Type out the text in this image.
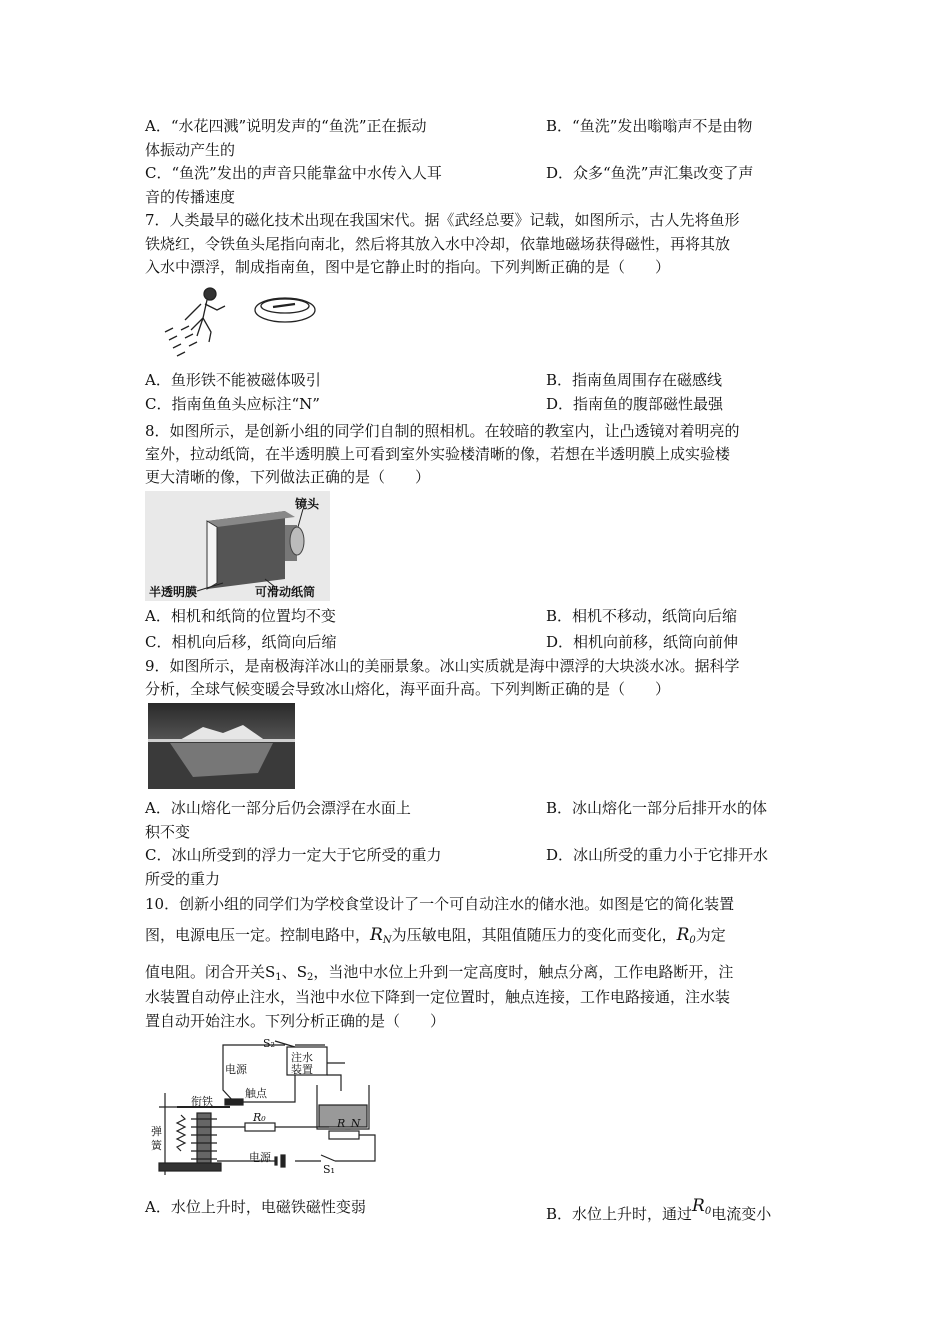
A．“水花四溅”说明发声的“鱼洗”正在振动	B．“鱼洗”发出嗡嗡声不是由物
体振动产生的
C．“鱼洗”发出的声音只能靠盆中水传入人耳	D．众多“鱼洗”声汇集改变了声
音的传播速度
7．人类最早的磁化技术出现在我国宋代。据《武经总要》记载，如图所示，古人先将鱼形
铁烧红，令铁鱼头尾指向南北，然后将其放入水中冷却，依靠地磁场获得磁性，再将其放
入水中漂浮，制成指南鱼，图中是它静止时的指向。下列判断正确的是（　　）
A．鱼形铁不能被磁体吸引	B．指南鱼周围存在磁感线
C．指南鱼鱼头应标注“N”	D．指南鱼的腹部磁性最强
8．如图所示，是创新小组的同学们自制的照相机。在较暗的教室内，让凸透镜对着明亮的
室外，拉动纸筒，在半透明膜上可看到室外实验楼清晰的像，若想在半透明膜上成实验楼
更大清晰的像，下列做法正确的是（　　）
镜头
半透明膜	可滑动纸筒
A．相机和纸筒的位置均不变	B．相机不移动，纸筒向后缩
C．相机向后移，纸筒向后缩	D．相机向前移，纸筒向前伸
9．如图所示，是南极海洋冰山的美丽景象。冰山实质就是海中漂浮的大块淡水冰。据科学
分析，全球气候变暖会导致冰山熔化，海平面升高。下列判断正确的是（　　）
A．冰山熔化一部分后仍会漂浮在水面上	B．冰山熔化一部分后排开水的体
积不变
C．冰山所受到的浮力一定大于它所受的重力	D．冰山所受的重力小于它排开水
所受的重力
10．创新小组的同学们为学校食堂设计了一个可自动注水的储水池。如图是它的简化装置
图，电源电压一定。控制电路中，$R_N$为压敏电阻，其阻值随压力的变化而变化，$R_0$为定
值电阻。闭合开关$S_1$、$S_2$，当池中水位上升到一定高度时，触点分离，工作电路断开，注
水装置自动停止注水，当池中水位下降到一定位置时，触点连接，工作电路接通，注水装
置自动开始注水。下列分析正确的是（　　）
S₂
注水
装置
电源
衔铁
触点
弹
簧
R₀	R_N
电源
S₁
A．水位上升时，电磁铁磁性变弱	B．水位上升时，通过$R_0$电流变小
